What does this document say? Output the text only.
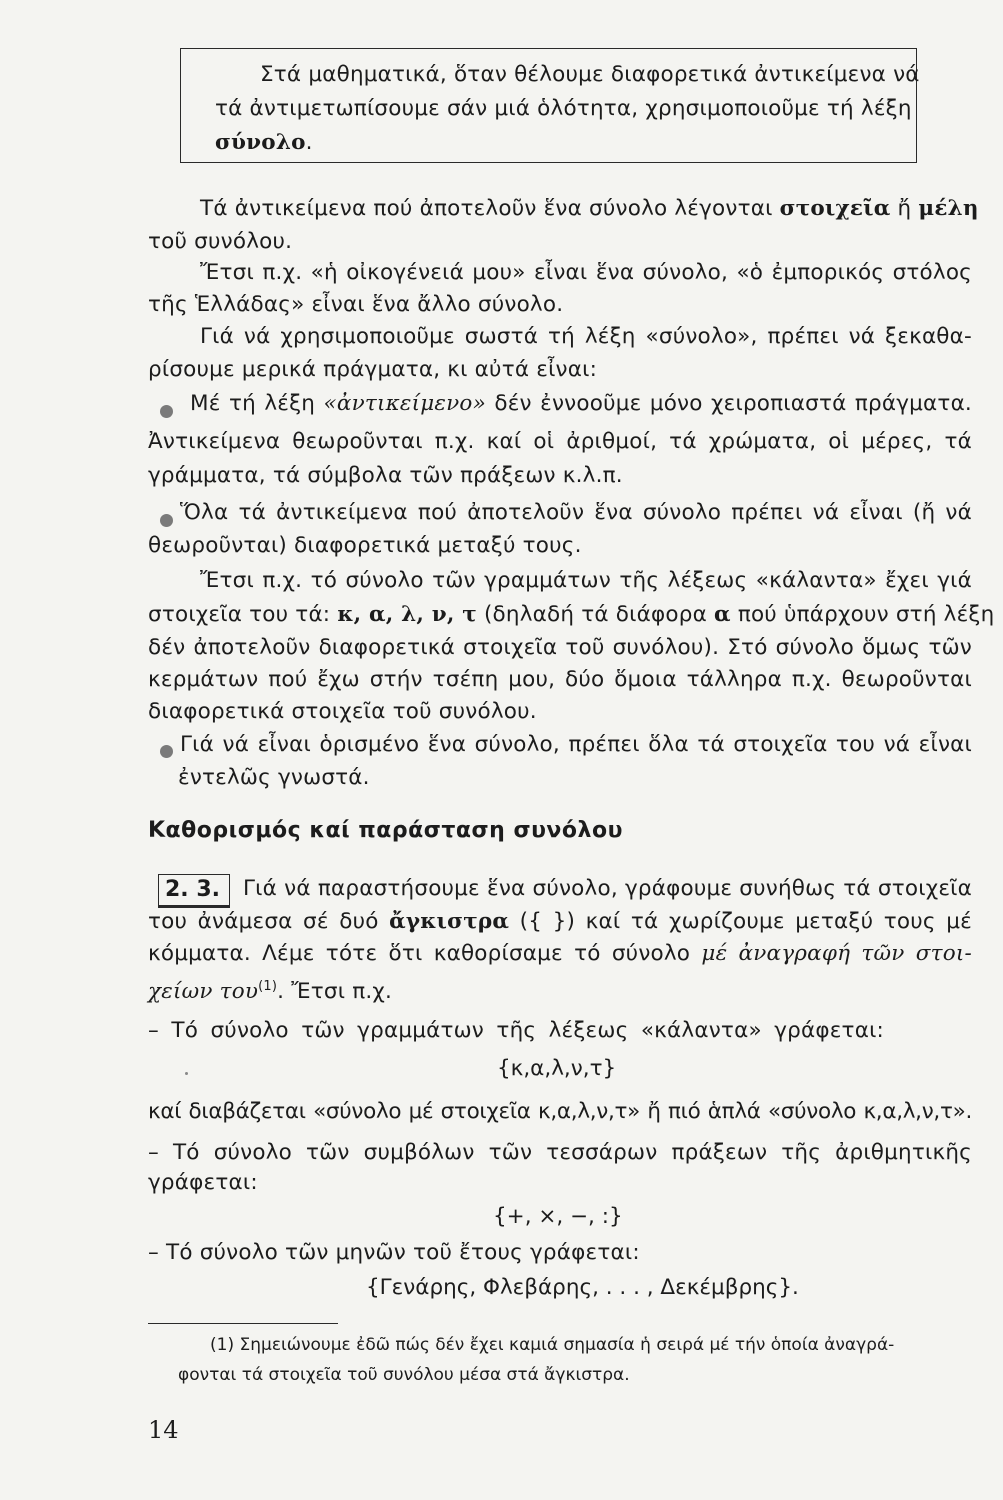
Στά μαθηματικά, ὅταν θέλουμε διαφορετικά ἀντικείμενα νά
τά ἀντιμετωπίσουμε σάν μιά ὁλότητα, χρησιμοποιοῦμε τή λέξη
σύνολο.
Τά ἀντικείμενα πού ἀποτελοῦν ἕνα σύνολο λέγονται στοιχεῖα ἤ μέλη
τοῦ συνόλου.
Ἔτσι π.χ. «ἡ οἰκογένειά μου» εἶναι ἕνα σύνολο, «ὁ ἐμπορικός στόλος
τῆς Ἑλλάδας» εἶναι ἕνα ἄλλο σύνολο.
Γιά νά χρησιμοποιοῦμε σωστά τή λέξη «σύνολο», πρέπει νά ξεκαθα-
ρίσουμε μερικά πράγματα, κι αὐτά εἶναι:
Μέ τή λέξη «ἀντικείμενο» δέν ἐννοοῦμε μόνο χειροπιαστά πράγματα.
Ἀντικείμενα θεωροῦνται π.χ. καί οἱ ἀριθμοί, τά χρώματα, οἱ μέρες, τά
γράμματα, τά σύμβολα τῶν πράξεων κ.λ.π.
Ὅλα τά ἀντικείμενα πού ἀποτελοῦν ἕνα σύνολο πρέπει νά εἶναι (ἤ νά
θεωροῦνται) διαφορετικά μεταξύ τους.
Ἔτσι π.χ. τό σύνολο τῶν γραμμάτων τῆς λέξεως «κάλαντα» ἔχει γιά
στοιχεῖα του τά: κ, α, λ, ν, τ (δηλαδή τά διάφορα α πού ὑπάρχουν στή λέξη
δέν ἀποτελοῦν διαφορετικά στοιχεῖα τοῦ συνόλου). Στό σύνολο ὅμως τῶν
κερμάτων πού ἔχω στήν τσέπη μου, δύο ὅμοια τάλληρα π.χ. θεωροῦνται
διαφορετικά στοιχεῖα τοῦ συνόλου.
Γιά νά εἶναι ὁρισμένο ἕνα σύνολο, πρέπει ὅλα τά στοιχεῖα του νά εἶναι
ἐντελῶς γνωστά.
Καθορισμός καί παράσταση συνόλου
2. 3.	Γιά νά παραστήσουμε ἕνα σύνολο, γράφουμε συνήθως τά στοιχεῖα
του ἀνάμεσα σέ δυό ἄγκιστρα ({ }) καί τά χωρίζουμε μεταξύ τους μέ
κόμματα. Λέμε τότε ὅτι καθορίσαμε τό σύνολο μέ ἀναγραφή τῶν στοι-
χείων του$^{(1)}$. Ἔτσι π.χ.
– Τό σύνολο τῶν γραμμάτων τῆς λέξεως «κάλαντα» γράφεται:
{κ,α,λ,ν,τ}
καί διαβάζεται «σύνολο μέ στοιχεῖα κ,α,λ,ν,τ» ἤ πιό ἁπλά «σύνολο κ,α,λ,ν,τ».
– Τό σύνολο τῶν συμβόλων τῶν τεσσάρων πράξεων τῆς ἀριθμητικῆς
γράφεται:
{+, ×, −, :}
– Τό σύνολο τῶν μηνῶν τοῦ ἔτους γράφεται:
{Γενάρης, Φλεβάρης, . . . , Δεκέμβρης}.
(1) Σημειώνουμε ἐδῶ πώς δέν ἔχει καμιά σημασία ἡ σειρά μέ τήν ὁποία ἀναγρά-
φονται τά στοιχεῖα τοῦ συνόλου μέσα στά ἄγκιστρα.
14
